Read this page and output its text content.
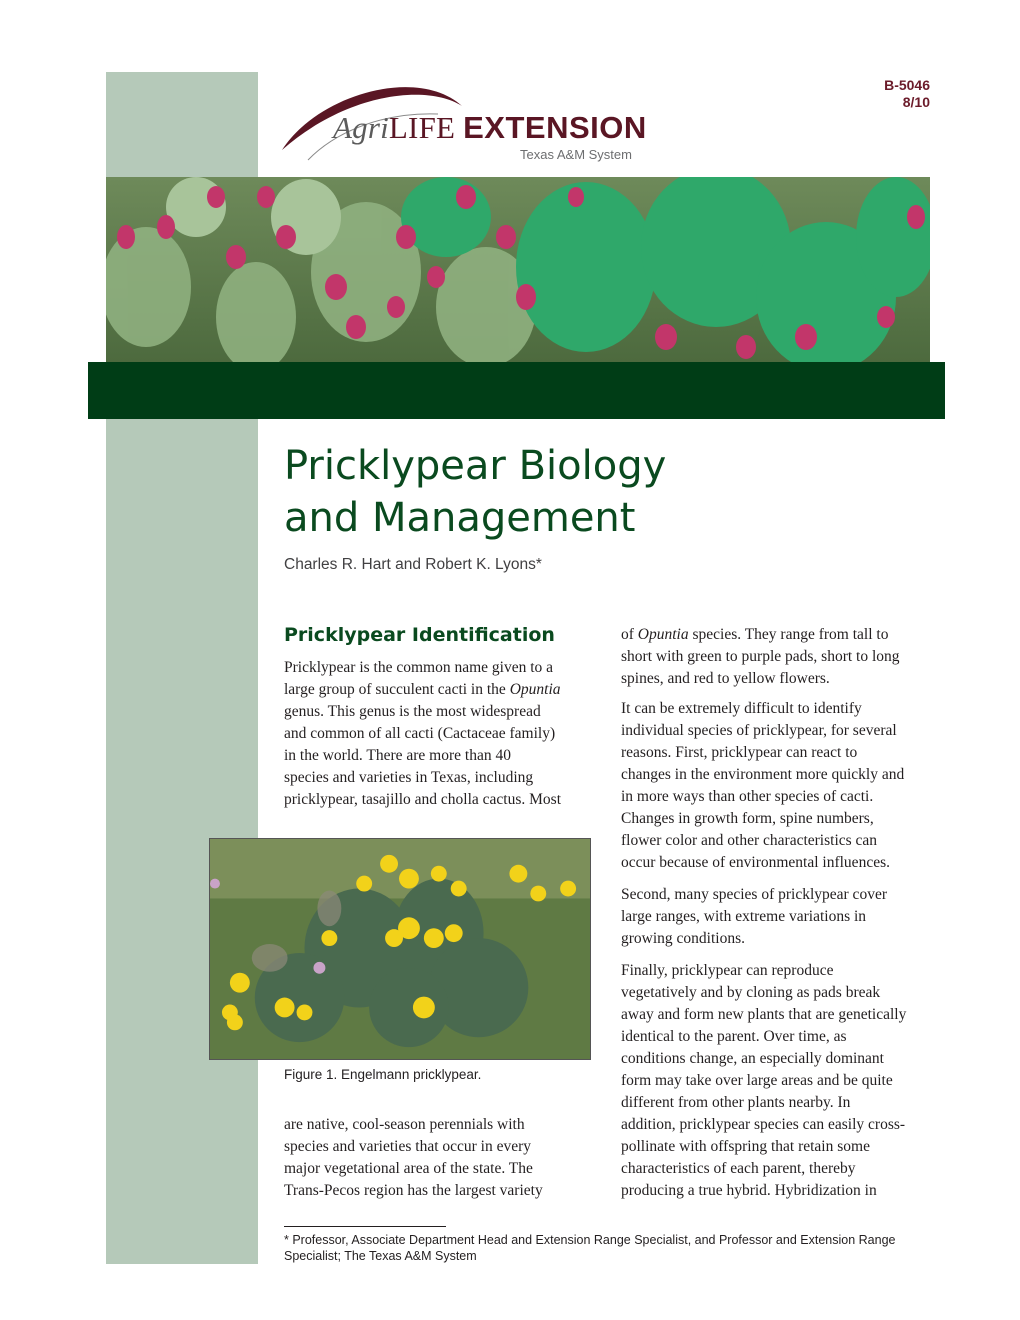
AgriLIFE EXTENSION
Texas A&M System
B-5046
8/10
Pricklypear Biology
and Management
Charles R. Hart and Robert K. Lyons*
Pricklypear Identification
Pricklypear is the common name given to a
large group of succulent cacti in the Opuntia
genus. This genus is the most widespread
and common of all cacti (Cactaceae family)
in the world. There are more than 40
species and varieties in Texas, including
pricklypear, tasajillo and cholla cactus. Most
Figure 1. Engelmann pricklypear.
are native, cool-season perennials with
species and varieties that occur in every
major vegetational area of the state. The
Trans-Pecos region has the largest variety
of Opuntia species. They range from tall to
short with green to purple pads, short to long
spines, and red to yellow flowers.
It can be extremely difficult to identify
individual species of pricklypear, for several
reasons. First, pricklypear can react to
changes in the environment more quickly and
in more ways than other species of cacti.
Changes in growth form, spine numbers,
flower color and other characteristics can
occur because of environmental influences.
Second, many species of pricklypear cover
large ranges, with extreme variations in
growing conditions.
Finally, pricklypear can reproduce
vegetatively and by cloning as pads break
away and form new plants that are genetically
identical to the parent. Over time, as
conditions change, an especially dominant
form may take over large areas and be quite
different from other plants nearby. In
addition, pricklypear species can easily cross-
pollinate with offspring that retain some
characteristics of each parent, thereby
producing a true hybrid. Hybridization in
* Professor, Associate Department Head and Extension Range Specialist, and Professor and Extension Range Specialist; The Texas A&M System
